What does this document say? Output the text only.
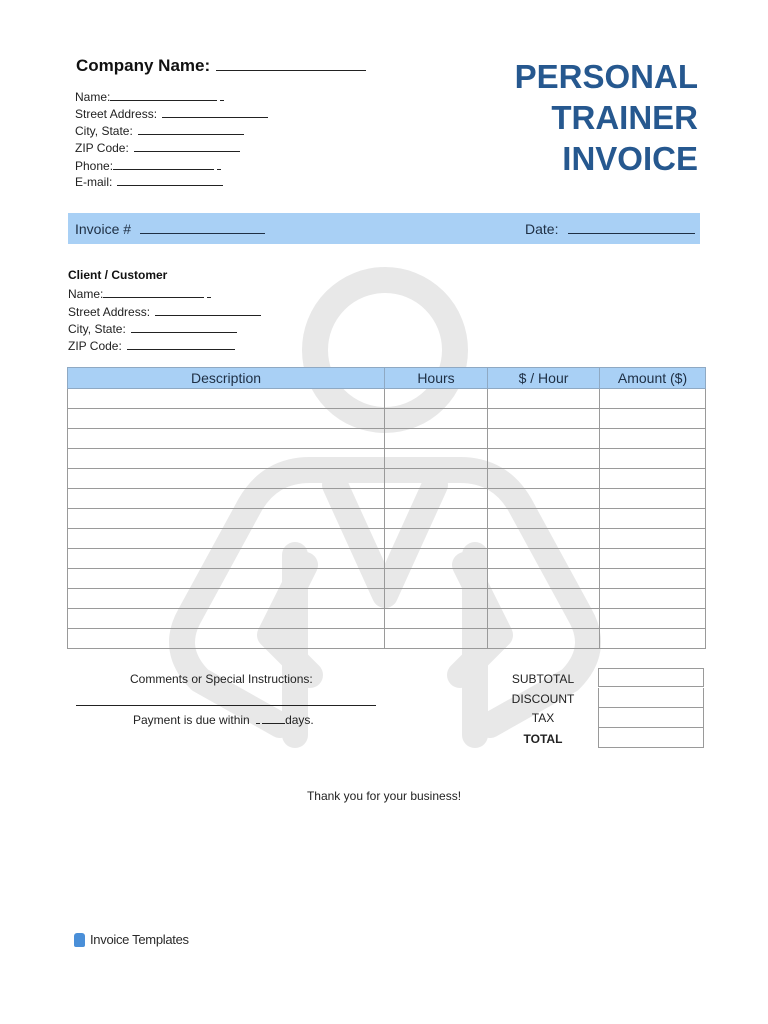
Company Name:
Name:
Street Address:
City, State:
ZIP Code:
Phone:
E-mail:
PERSONAL
TRAINER
INVOICE
Invoice #	Date:
Client / Customer
Name:
Street Address:
City, State:
ZIP Code:
Description	Hours	$ / Hour	Amount ($)

Comments or Special Instructions:
Payment is due within	days.
SUBTOTAL
DISCOUNT
TAX
TOTAL
Thank you for your business!
Invoice Templates
